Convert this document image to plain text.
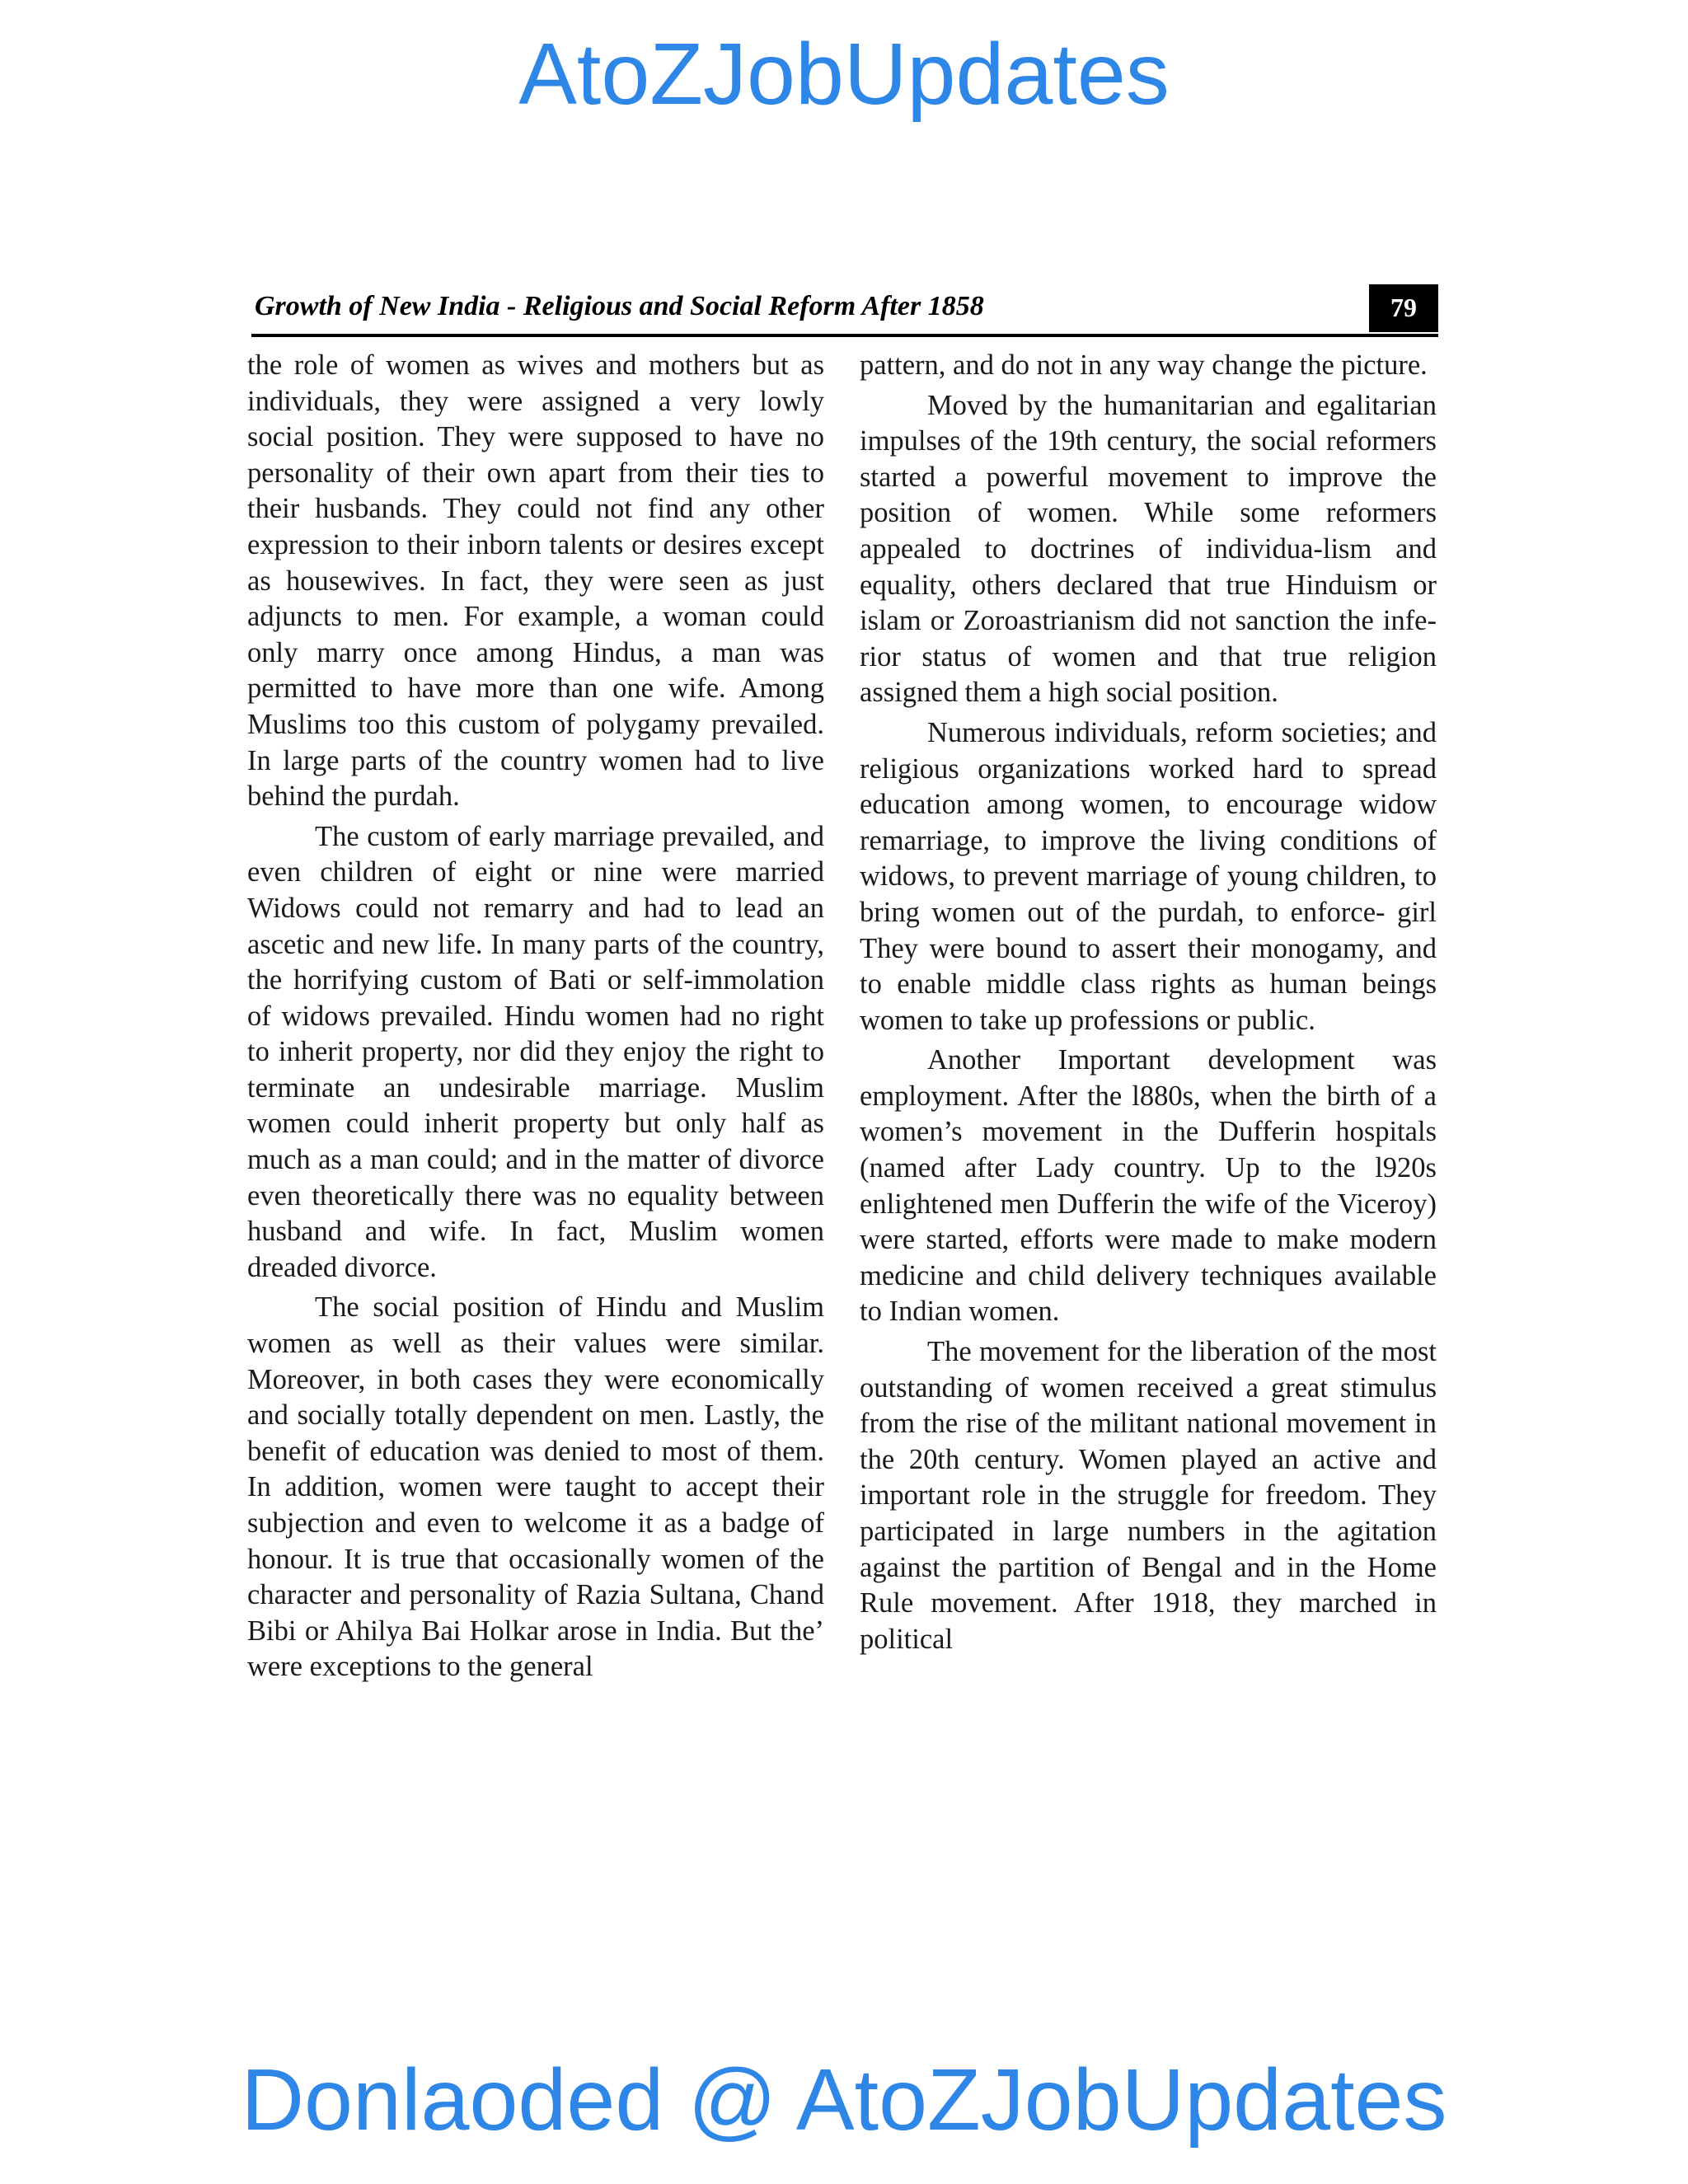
AtoZJobUpdates
Growth of New India - Religious and Social Reform After 1858	79

the role of women as wives and mothers but as individuals, they were assigned a very lowly social position. They were supposed to have no personality of their own apart from their ties to their husbands. They could not find any other expression to their inborn talents or desires except as housewives. In fact, they were seen as just adjuncts to men. For example, a woman could only marry once among Hindus, a man was permitted to have more than one wife. Among Muslims too this custom of polygamy prevailed. In large parts of the country women had to live behind the purdah.

The custom of early marriage prevailed, and even children of eight or nine were married Widows could not remarry and had to lead an ascetic and new life. In many parts of the country, the horrifying custom of Bati or self-immolation of widows prevailed. Hindu women had no right to inherit property, nor did they enjoy the right to terminate an undesirable marriage. Muslim women could inherit property but only half as much as a man could; and in the matter of divorce even theoretically there was no equality between husband and wife. In fact, Muslim women dreaded divorce.

The social position of Hindu and Muslim women as well as their values were similar. Moreover, in both cases they were economically and socially totally dependent on men. Lastly, the benefit of education was denied to most of them. In addition, women were taught to accept their subjection and even to welcome it as a badge of honour. It is true that occasionally women of the character and personality of Razia Sultana, Chand Bibi or Ahilya Bai Holkar arose in India. But the’ were exceptions to the general

pattern, and do not in any way change the picture.

Moved by the humanitarian and egalitarian impulses of the 19th century, the social reformers started a powerful movement to improve the position of women. While some reformers appealed to doctrines of individua-lism and equality, others declared that true Hinduism or islam or Zoroastrianism did not sanction the infe-rior status of women and that true religion assigned them a high social position.

Numerous individuals, reform societies; and religious organizations worked hard to spread education among women, to encourage widow remarriage, to improve the living conditions of widows, to prevent marriage of young children, to bring women out of the purdah, to enforce- girl They were bound to assert their monogamy, and to enable middle class rights as human beings women to take up professions or public.

Another Important development was employment. After the l880s, when the birth of a women’s movement in the Dufferin hospitals (named after Lady country. Up to the l920s enlightened men Dufferin the wife of the Viceroy) were started, efforts were made to make modern medicine and child delivery techniques available to Indian women.

The movement for the liberation of the most outstanding of women received a great stimulus from the rise of the militant national movement in the 20th century. Women played an active and important role in the struggle for freedom. They participated in large numbers in the agitation against the partition of Bengal and in the Home Rule movement. After 1918, they marched in political

Donlaoded @ AtoZJobUpdates
